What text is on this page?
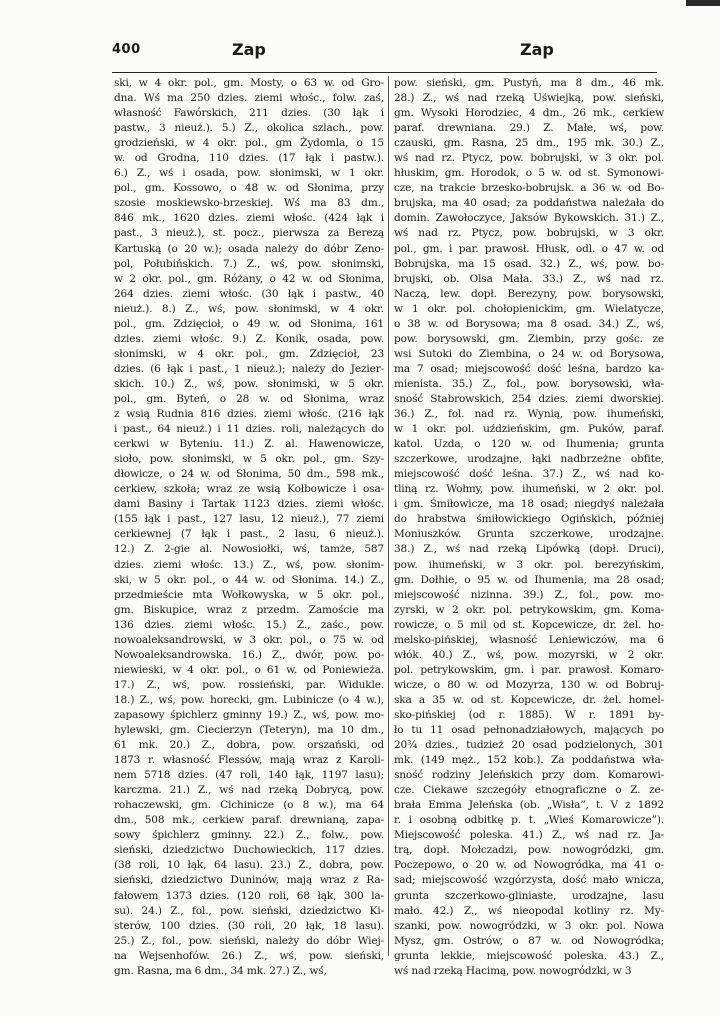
400	Zap	Zap
ski, w 4 okr. pol., gm. Mosty, o 63 w. od Gro-
dna. Wś ma 250 dzies. ziemi włośc., folw. zaś,
własność Fawórskich, 211 dzies. (30 łąk i
pastw., 3 nieuż.). 5.) Z., okolica szlach., pow.
grodzieński, w 4 okr. pol., gm Żydomla, o 15
w. od Grodna, 110 dzies. (17 łąk i pastw.).
6.) Z., wś i osada, pow. słonimski, w 1 okr.
pol., gm. Kossowo, o 48 w. od Słonima, przy
szosie moskiewsko-brzeskiej. Wś ma 83 dm.,
846 mk., 1620 dzies. ziemi włośc. (424 łąk i
past., 3 nieuż.), st. pocz., pierwsza za Berezą
Kartuską (o 20 w.); osada należy do dóbr Zeno-
pol, Połubińskich. 7.) Z., wś, pow. słonimski,
w 2 okr. pol., gm. Różany, o 42 w. od Słonima,
264 dzies. ziemi włośc. (30 łąk i pastw., 40
nieuż.). 8.) Z., wś, pow. słonimski, w 4 okr.
pol., gm. Zdzięcioł, o 49 w. od Słonima, 161
dzies. ziemi włośc. 9.) Z. Konik, osada, pow.
słonimski, w 4 okr. pol., gm. Zdzięcioł, 23
dzies. (6 łąk i past., 1 nieuż.); należy do Jezier-
skich. 10.) Z., wś, pow. słonimski, w 5 okr.
pol., gm. Byteń, o 28 w. od Słonima, wraz
z wsią Rudnia 816 dzies. ziemi włośc. (216 łąk
i past., 64 nieuż.) i 11 dzies. roli, należących do
cerkwi w Byteniu. 11.) Z. al. Hawenowicze,
sioło, pow. słonimski, w 5 okr. pol., gm. Szy-
dłowicze, o 24 w. od Słonima, 50 dm., 598 mk.,
cerkiew, szkoła; wraz ze wsią Kołbowicze i osa-
dami Basiny i Tartak 1123 dzies. ziemi włośc.
(155 łąk i past., 127 lasu, 12 nieuż.), 77 ziemi
cerkiewnej (7 łąk i past., 2 lasu, 6 nieuż.).
12.) Z. 2-gie al. Nowosiołki, wś, tamże, 587
dzies. ziemi włośc. 13.) Z., wś, pow. słonim-
ski, w 5 okr. pol., o 44 w. od Słonima. 14.) Z.,
przedmieście mta Wołkowyska, w 5 okr. pol.,
gm. Biskupice, wraz z przedm. Zamoście ma
136 dzies. ziemi włośc. 15.) Z., zaśc., pow.
nowoaleksandrowski, w 3 okr. pol., o 75 w. od
Nowoaleksandrowska. 16.) Z., dwór, pow. po-
niewieski, w 4 okr. pol., o 61 w. od Poniewieża.
17.) Z., wś, pow. rossieński, par. Widukle.
18.) Z., wś, pow. horecki, gm. Lubinicze (o 4 w.),
zapasowy śpichlerz gminny 19.) Z., wś, pow. mo-
hylewski, gm. Ciecierzyn (Teteryn), ma 10 dm.,
61 mk. 20.) Z., dobra, pow. orszański, od
1873 r. własność Flessów, mają wraz z Karoli-
nem 5718 dzies. (47 roli, 140 łąk, 1197 lasu);
karczma. 21.) Z., wś nad rzeką Dobrycą, pow.
rohaczewski, gm. Cichinicze (o 8 w.), ma 64
dm., 508 mk., cerkiew paraf. drewnianą, zapa-
sowy śpichlerz gminny. 22.) Z., folw., pow.
sieński, dziedzictwo Duchowieckich, 117 dzies.
(38 roli, 10 łąk, 64 lasu). 23.) Z., dobra, pow.
sieński, dziedzictwo Duninów, mają wraz z Ra-
fałowem 1373 dzies. (120 roli, 68 łąk, 300 la-
su). 24.) Z., fol., pow. sieński, dziedzictwo Ki-
sterów, 100 dzies. (30 roli, 20 łąk, 18 lasu).
25.) Z., fol., pow. sieński, należy do dóbr Wiej-
na Wejsenhofów. 26.) Z., wś, pow. sieński,
gm. Rasna, ma 6 dm., 34 mk. 27.) Z., wś,
pow. sieński, gm. Pustyń, ma 8 dm., 46 mk.
28.) Z., wś nad rzeką Uświejką, pow. sieński,
gm. Wysoki Horodziec, 4 dm., 26 mk., cerkiew
paraf. drewniana. 29.) Z. Małe, wś, pow.
czauski, gm. Rasna, 25 dm., 195 mk. 30.) Z.,
wś nad rz. Ptycz, pow. bobrujski, w 3 okr. pol.
hłuskim, gm. Horodok, o 5 w. od st. Symonowi-
cze, na trakcie brzesko-bobrujsk. a 36 w. od Bo-
brujska, ma 40 osad; za poddaństwa należała do
domin. Zawołoczyce, Jaksów Bykowskich. 31.) Z.,
wś nad rz. Ptycz, pow. bobrujski, w 3 okr.
pol., gm. i par. prawosł. Hłusk, odl. o 47 w. od
Bobrujska, ma 15 osad. 32.) Z., wś, pow. bo-
brujski, ob. Olsa Mała. 33.) Z., wś nad rz.
Naczą, lew. dopł. Berezyny, pow. borysowski,
w 1 okr. pol. chołopienickim, gm. Wielatycze,
o 38 w. od Borysowa; ma 8 osad. 34.) Z., wś,
pow. borysowski, gm. Ziembin, przy gośc. ze
wsi Sutoki do Ziembina, o 24 w. od Borysowa,
ma 7 osad; miejscowość dość leśna, bardzo ka-
mienista. 35.) Z., fol., pow. borysowski, wła-
sność Stabrowskich, 254 dzies. ziemi dworskiej.
36.) Z., fol. nad rz. Wynią, pow. ihumeński,
w 1 okr. pol. uździeńskim, gm. Puków, paraf.
katol. Uzda, o 120 w. od Ihumenia; grunta
szczerkowe, urodzajne, łąki nadbrzeżne obfite,
miejscowość dość leśna. 37.) Z., wś nad ko-
tliną rz. Wołmy, pow. ihumeński, w 2 okr. pol.
i gm. Śmiłowicze, ma 18 osad; niegdyś należała
do hrabstwa śmiłowickiego Ogińskich, później
Moniuszków. Grunta szczerkowe, urodzajne.
38.) Z., wś nad rzeką Lipówką (dopł. Druci),
pow. ihumeński, w 3 okr. pol. berezyńskim,
gm. Dołhie, o 95 w. od Ihumenia, ma 28 osad;
miejscowość nizinna. 39.) Z., fol., pow. mo-
zyrski, w 2 okr. pol. petrykowskim, gm. Koma-
rowicze, o 5 mil od st. Kopcewicze, dr. żel. ho-
melsko-pińskiej, własność Leniewiczów, ma 6
włók. 40.) Z., wś, pow. mozyrski, w 2 okr.
pol. petrykowskim, gm. i par. prawosł. Komaro-
wicze, o 80 w. od Mozyrza, 130 w. od Bobruj-
ska a 35 w. od st. Kopcewicze, dr. żel. homel-
sko-pińskiej (od r. 1885). W r. 1891 by-
ło tu 11 osad pełnonadziałowych, mających po
20¾ dzies., tudzież 20 osad podzielonych, 301
mk. (149 męż., 152 kob.). Za poddaństwa wła-
sność rodziny Jeleńskich przy dom. Komarowi-
cze. Ciekawe szczegóły etnograficzne o Z. ze-
brała Emma Jeleńska (ob. „Wisła”, t. V z 1892
r. i osobną odbitkę p. t. „Wieś Komarowicze”).
Miejscowość poleska. 41.) Z., wś nad rz. Ja-
trą, dopł. Mołczadzi, pow. nowogródzki, gm.
Poczepowo, o 20 w. od Nowogródka, ma 41 o-
sad; miejscowość wzgórzysta, dość mało wnicza,
grunta szczerkowo-gliniaste, urodzajne, lasu
mało. 42.) Z., wś nieopodal kotliny rz. My-
szanki, pow. nowogródzki, w 3 okr. pol. Nowa
Mysz, gm. Ostrów, o 87 w. od Nowogródka;
grunta lekkie, miejscowość poleska. 43.) Z.,
wś nad rzeką Hacimą, pow. nowogródzki, w 3
